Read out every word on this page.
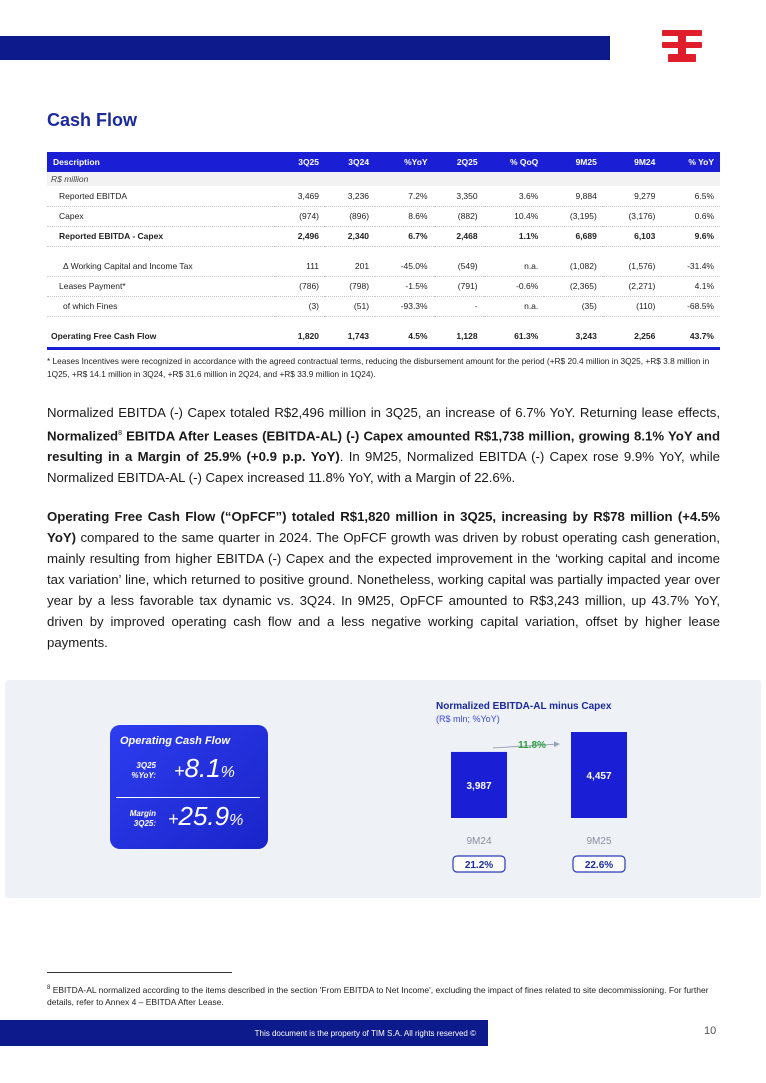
Cash Flow
Description	3Q25	3Q24	%YoY	2Q25	% QoQ	9M25	9M24	% YoY
R$ million								
Reported EBITDA	3,469	3,236	7.2%	3,350	3.6%	9,884	9,279	6.5%
Capex	(974)	(896)	8.6%	(882)	10.4%	(3,195)	(3,176)	0.6%
Reported EBITDA - Capex	2,496	2,340	6.7%	2,468	1.1%	6,689	6,103	9.6%

Δ Working Capital and Income Tax	111	201	-45.0%	(549)	n.a.	(1,082)	(1,576)	-31.4%
Leases Payment*	(786)	(798)	-1.5%	(791)	-0.6%	(2,365)	(2,271)	4.1%
of which Fines	(3)	(51)	-93.3%	-	n.a.	(35)	(110)	-68.5%

Operating Free Cash Flow	1,820	1,743	4.5%	1,128	61.3%	3,243	2,256	43.7%
* Leases Incentives were recognized in accordance with the agreed contractual terms, reducing the disbursement amount for the period (+R$ 20.4 million in 3Q25, +R$ 3.8 million in 1Q25, +R$ 14.1 million in 3Q24, +R$ 31.6 million in 2Q24, and +R$ 33.9 million in 1Q24).
Normalized EBITDA (-) Capex totaled R$2,496 million in 3Q25, an increase of 6.7% YoY. Returning lease effects, Normalized$^8$ EBITDA After Leases (EBITDA-AL) (-) Capex amounted R$1,738 million, growing 8.1% YoY and resulting in a Margin of 25.9% (+0.9 p.p. YoY). In 9M25, Normalized EBITDA (-) Capex rose 9.9% YoY, while Normalized EBITDA-AL (-) Capex increased 11.8% YoY, with a Margin of 22.6%.
Operating Free Cash Flow (“OpFCF”) totaled R$1,820 million in 3Q25, increasing by R$78 million (+4.5% YoY) compared to the same quarter in 2024. The OpFCF growth was driven by robust operating cash generation, mainly resulting from higher EBITDA (-) Capex and the expected improvement in the ‘working capital and income tax variation’ line, which returned to positive ground. Nonetheless, working capital was partially impacted year over year by a less favorable tax dynamic vs. 3Q24. In 9M25, OpFCF amounted to R$3,243 million, up 43.7% YoY, driven by improved operating cash flow and a less negative working capital variation, offset by higher lease payments.
Operating Cash Flow
3Q25 %YoY: +8.1%
Margin 3Q25: +25.9%
Normalized EBITDA-AL minus Capex
(R$ mln; %YoY)
3,987
9M24
21.2%
4,457
9M25
22.6%
11.8%
$^8$ EBITDA-AL normalized according to the items described in the section 'From EBITDA to Net Income', excluding the impact of fines related to site decommissioning. For further details, refer to Annex 4 – EBITDA After Lease.
This document is the property of TIM S.A. All rights reserved ©	10
